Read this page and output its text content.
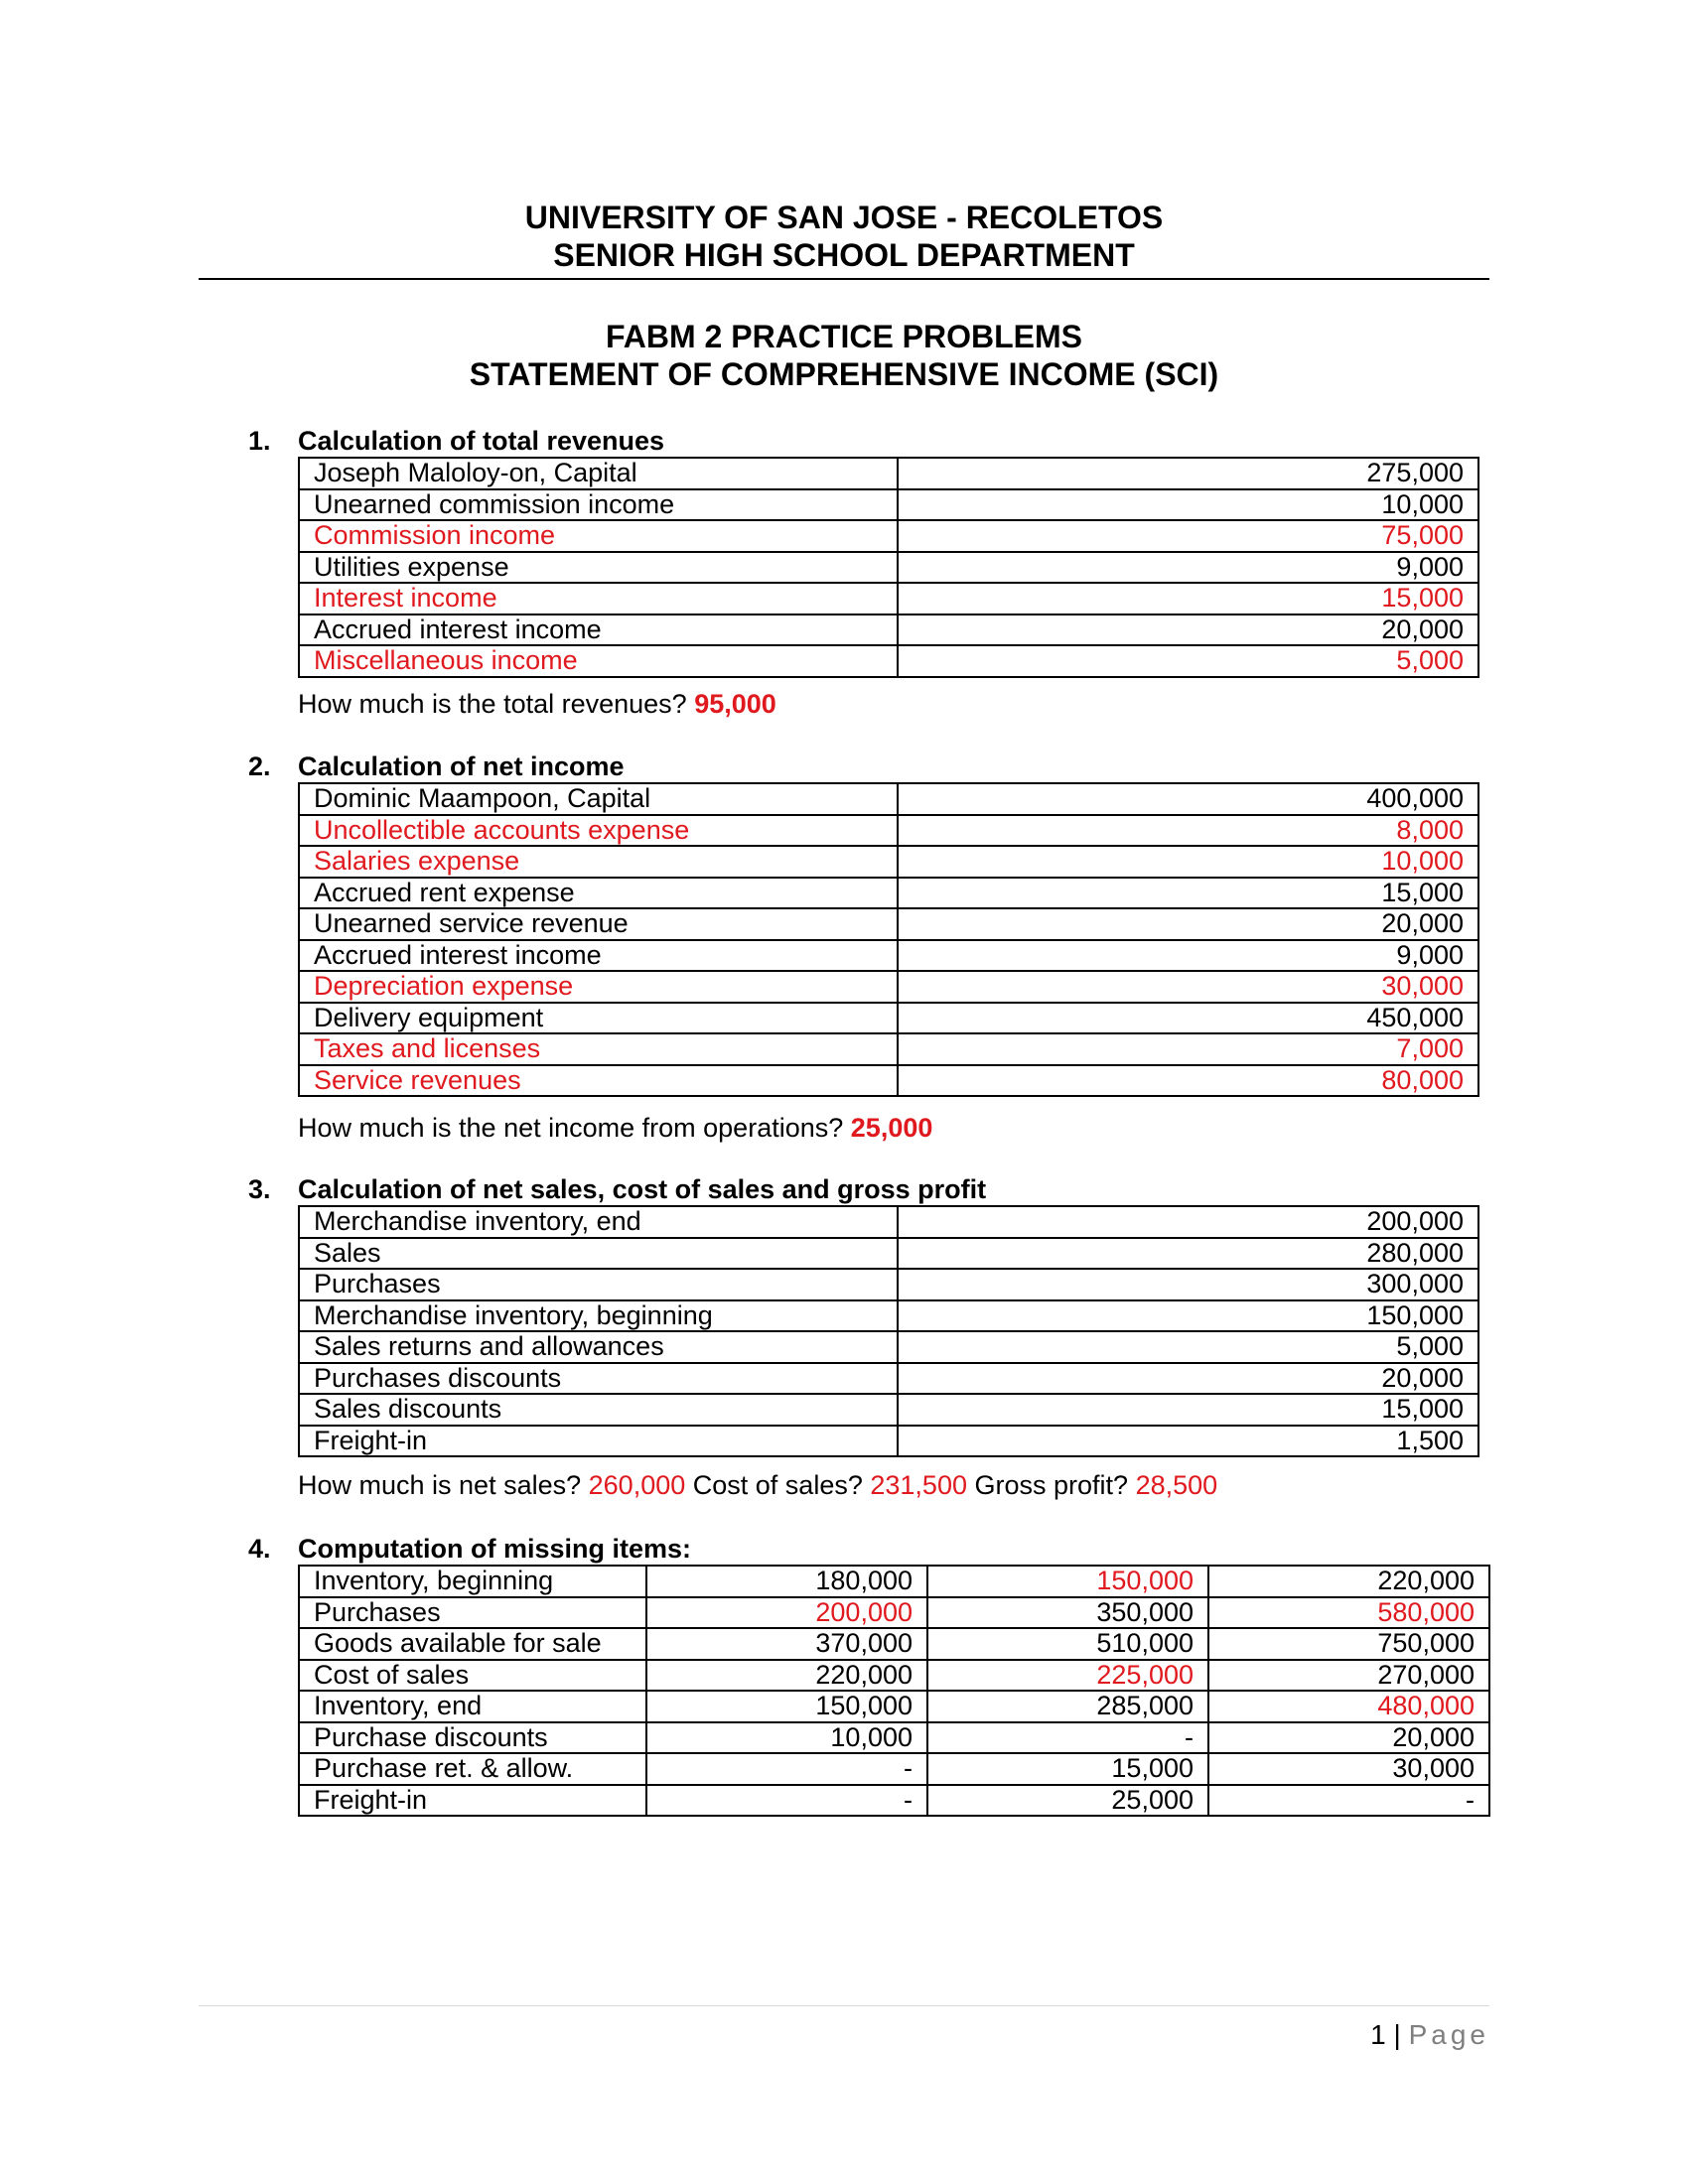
UNIVERSITY OF SAN JOSE - RECOLETOS
SENIOR HIGH SCHOOL DEPARTMENT
FABM 2 PRACTICE PROBLEMS
STATEMENT OF COMPREHENSIVE INCOME (SCI)
1. Calculation of total revenues
Joseph Maloloy-on, Capital	275,000
Unearned commission income	10,000
Commission income	75,000
Utilities expense	9,000
Interest income	15,000
Accrued interest income	20,000
Miscellaneous income	5,000
How much is the total revenues? 95,000
2. Calculation of net income
Dominic Maampoon, Capital	400,000
Uncollectible accounts expense	8,000
Salaries expense	10,000
Accrued rent expense	15,000
Unearned service revenue	20,000
Accrued interest income	9,000
Depreciation expense	30,000
Delivery equipment	450,000
Taxes and licenses	7,000
Service revenues	80,000
How much is the net income from operations? 25,000
3. Calculation of net sales, cost of sales and gross profit
Merchandise inventory, end	200,000
Sales	280,000
Purchases	300,000
Merchandise inventory, beginning	150,000
Sales returns and allowances	5,000
Purchases discounts	20,000
Sales discounts	15,000
Freight-in	1,500
How much is net sales? 260,000 Cost of sales? 231,500 Gross profit? 28,500
4. Computation of missing items:
Inventory, beginning	180,000	150,000	220,000
Purchases	200,000	350,000	580,000
Goods available for sale	370,000	510,000	750,000
Cost of sales	220,000	225,000	270,000
Inventory, end	150,000	285,000	480,000
Purchase discounts	10,000	-	20,000
Purchase ret. & allow.	-	15,000	30,000
Freight-in	-	25,000	-
1 | Page
